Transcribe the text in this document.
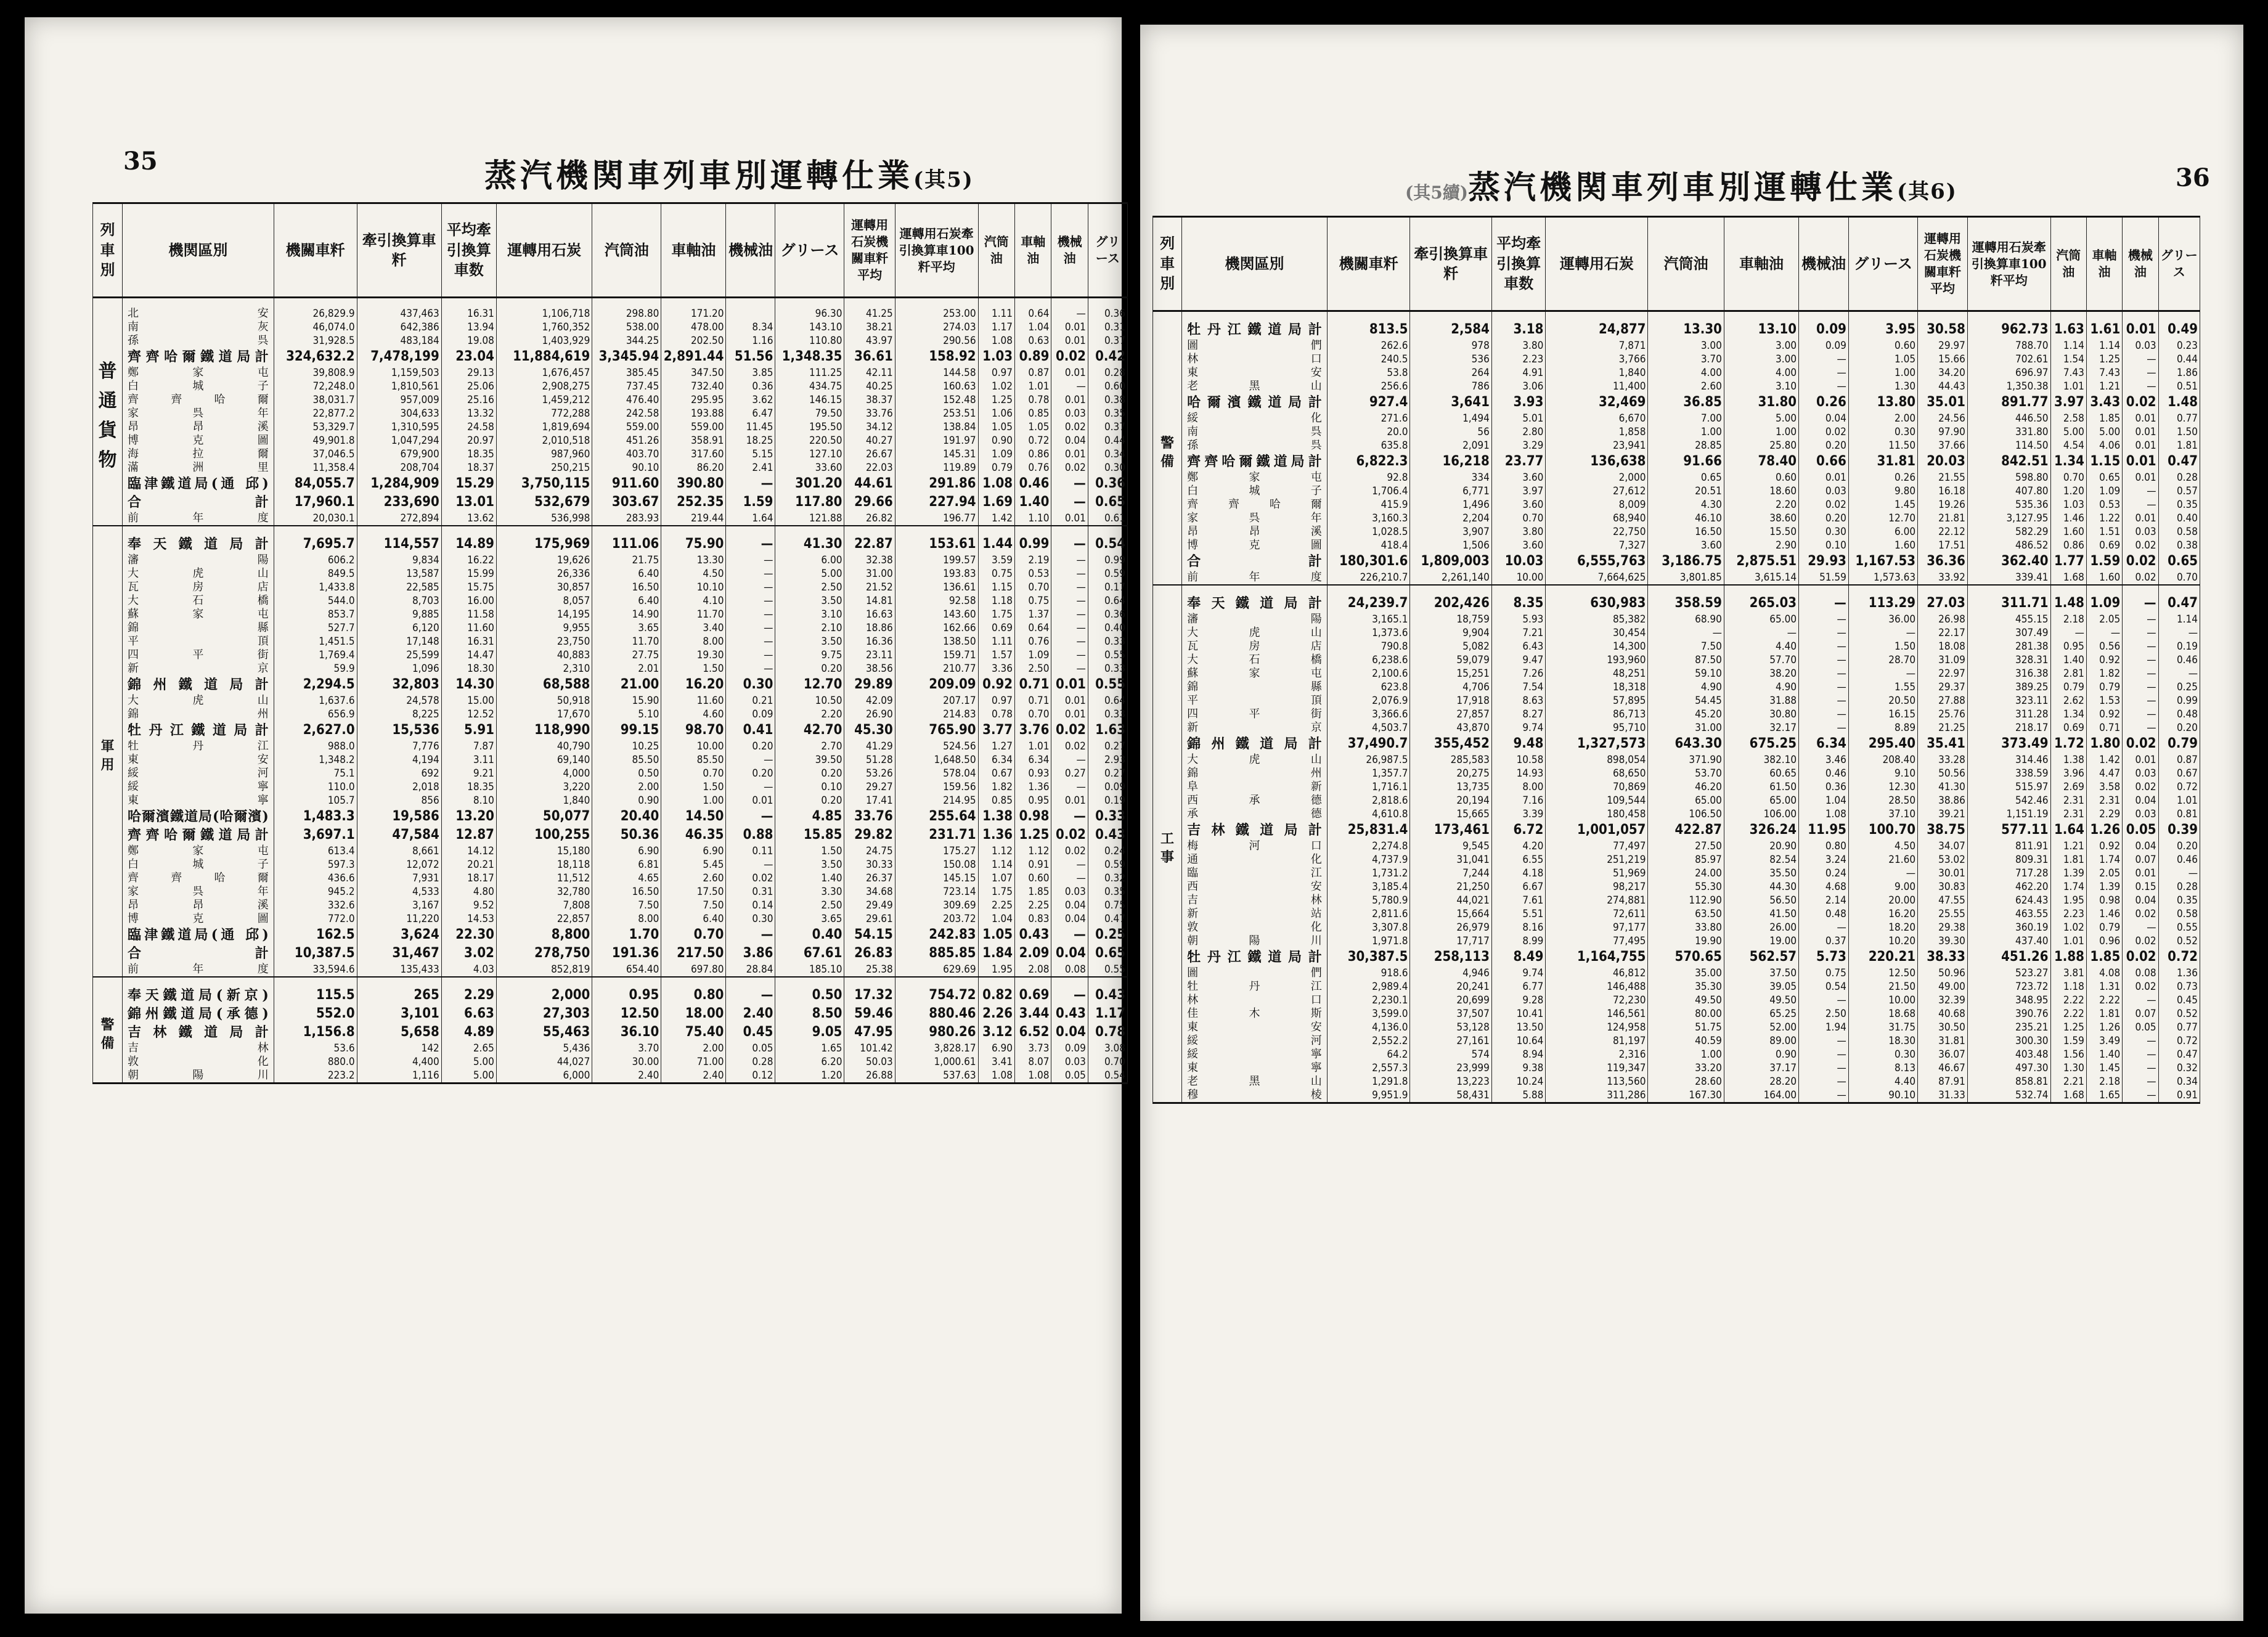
35
　　	蒸汽機関車列車別運轉仕業(其5)
列車別	機関區別	機關車粁	牽引換算車粁	平均牽引換算車数	運轉用石炭	汽筒油	車軸油	機械油	グリース	運轉用石炭機關車粁平均	運轉用石炭牽引換算車100粁平均	汽筒油	車軸油	機械油	グリース

普通貨物	北安	26,829.9	437,463	16.31	1,106,718	298.80	171.20		96.30	41.25	253.00	1.11	0.64	—	0.36
	南灰	46,074.0	642,386	13.94	1,760,352	538.00	478.00	8.34	143.10	38.21	274.03	1.17	1.04	0.01	0.31
	孫呉	31,928.5	483,184	19.08	1,403,929	344.25	202.50	1.16	110.80	43.97	290.56	1.08	0.63	0.01	0.37
	齊齊哈爾鐵道局計	324,632.2	7,478,199	23.04	11,884,619	3,345.94	2,891.44	51.56	1,348.35	36.61	158.92	1.03	0.89	0.02	0.42
	鄭家屯	39,808.9	1,159,503	29.13	1,676,457	385.45	347.50	3.85	111.25	42.11	144.58	0.97	0.87	0.01	0.28
	白城子	72,248.0	1,810,561	25.06	2,908,275	737.45	732.40	0.36	434.75	40.25	160.63	1.02	1.01	—	0.60
	齊齊哈爾	38,031.7	957,009	25.16	1,459,212	476.40	295.95	3.62	146.15	38.37	152.48	1.25	0.78	0.01	0.38
	家呉年	22,877.2	304,633	13.32	772,288	242.58	193.88	6.47	79.50	33.76	253.51	1.06	0.85	0.03	0.35
	昂昂溪	53,329.7	1,310,595	24.58	1,819,694	559.00	559.00	11.45	195.50	34.12	138.84	1.05	1.05	0.02	0.37
	博克圖	49,901.8	1,047,294	20.97	2,010,518	451.26	358.91	18.25	220.50	40.27	191.97	0.90	0.72	0.04	0.44
	海拉爾	37,046.5	679,900	18.35	987,960	403.70	317.60	5.15	127.10	26.67	145.31	1.09	0.86	0.01	0.34
	滿洲里	11,358.4	208,704	18.37	250,215	90.10	86.20	2.41	33.60	22.03	119.89	0.79	0.76	0.02	0.30
	臨津鐵道局(通 邱)	84,055.7	1,284,909	15.29	3,750,115	911.60	390.80	—	301.20	44.61	291.86	1.08	0.46	—	0.36
	合計	17,960.1	233,690	13.01	532,679	303.67	252.35	1.59	117.80	29.66	227.94	1.69	1.40	—	0.65
	前年度	20,030.1	272,894	13.62	536,998	283.93	219.44	1.64	121.88	26.82	196.77	1.42	1.10	0.01	0.61

軍用	奉天鐵道局計	7,695.7	114,557	14.89	175,969	111.06	75.90	—	41.30	22.87	153.61	1.44	0.99	—	0.54
	瀋陽	606.2	9,834	16.22	19,626	21.75	13.30	—	6.00	32.38	199.57	3.59	2.19	—	0.99
	大虎山	849.5	13,587	15.99	26,336	6.40	4.50	—	5.00	31.00	193.83	0.75	0.53	—	0.59
	瓦房店	1,433.8	22,585	15.75	30,857	16.50	10.10	—	2.50	21.52	136.61	1.15	0.70	—	0.17
	大石橋	544.0	8,703	16.00	8,057	6.40	4.10	—	3.50	14.81	92.58	1.18	0.75	—	0.64
	蘇家屯	853.7	9,885	11.58	14,195	14.90	11.70	—	3.10	16.63	143.60	1.75	1.37	—	0.36
	錦縣	527.7	6,120	11.60	9,955	3.65	3.40	—	2.10	18.86	162.66	0.69	0.64	—	0.40
	平頂	1,451.5	17,148	16.31	23,750	11.70	8.00	—	3.50	16.36	138.50	1.11	0.76	—	0.33
	四平街	1,769.4	25,599	14.47	40,883	27.75	19.30	—	9.75	23.11	159.71	1.57	1.09	—	0.55
	新京	59.9	1,096	18.30	2,310	2.01	1.50	—	0.20	38.56	210.77	3.36	2.50	—	0.33
	錦州鐵道局計	2,294.5	32,803	14.30	68,588	21.00	16.20	0.30	12.70	29.89	209.09	0.92	0.71	0.01	0.55
	大虎山	1,637.6	24,578	15.00	50,918	15.90	11.60	0.21	10.50	42.09	207.17	0.97	0.71	0.01	0.64
	錦州	656.9	8,225	12.52	17,670	5.10	4.60	0.09	2.20	26.90	214.83	0.78	0.70	0.01	0.33
	牡丹江鐵道局計	2,627.0	15,536	5.91	118,990	99.15	98.70	0.41	42.70	45.30	765.90	3.77	3.76	0.02	1.63
	牡丹江	988.0	7,776	7.87	40,790	10.25	10.00	0.20	2.70	41.29	524.56	1.27	1.01	0.02	0.27
	東安	1,348.2	4,194	3.11	69,140	85.50	85.50	—	39.50	51.28	1,648.50	6.34	6.34	—	2.93
	綏河	75.1	692	9.21	4,000	0.50	0.70	0.20	0.20	53.26	578.04	0.67	0.93	0.27	0.27
	綏寧	110.0	2,018	18.35	3,220	2.00	1.50	—	0.10	29.27	159.56	1.82	1.36	—	0.09
	東寧	105.7	856	8.10	1,840	0.90	1.00	0.01	0.20	17.41	214.95	0.85	0.95	0.01	0.19
	哈爾濱鐵道局(哈爾濱)	1,483.3	19,586	13.20	50,077	20.40	14.50	—	4.85	33.76	255.64	1.38	0.98	—	0.33
	齊齊哈爾鐵道局計	3,697.1	47,584	12.87	100,255	50.36	46.35	0.88	15.85	29.82	231.71	1.36	1.25	0.02	0.43
	鄭家屯	613.4	8,661	14.12	15,180	6.90	6.90	0.11	1.50	24.75	175.27	1.12	1.12	0.02	0.24
	白城子	597.3	12,072	20.21	18,118	6.81	5.45	—	3.50	30.33	150.08	1.14	0.91	—	0.59
	齊齊哈爾	436.6	7,931	18.17	11,512	4.65	2.60	0.02	1.40	26.37	145.15	1.07	0.60	—	0.32
	家呉年	945.2	4,533	4.80	32,780	16.50	17.50	0.31	3.30	34.68	723.14	1.75	1.85	0.03	0.35
	昂昂溪	332.6	3,167	9.52	7,808	7.50	7.50	0.14	2.50	29.49	309.69	2.25	2.25	0.04	0.75
	博克圖	772.0	11,220	14.53	22,857	8.00	6.40	0.30	3.65	29.61	203.72	1.04	0.83	0.04	0.47
	臨津鐵道局(通 邱)	162.5	3,624	22.30	8,800	1.70	0.70	—	0.40	54.15	242.83	1.05	0.43	—	0.25
	合計	10,387.5	31,467	3.02	278,750	191.36	217.50	3.86	67.61	26.83	885.85	1.84	2.09	0.04	0.65
	前年度	33,594.6	135,433	4.03	852,819	654.40	697.80	28.84	185.10	25.38	629.69	1.95	2.08	0.08	0.55

警備	奉天鐵道局(新京)	115.5	265	2.29	2,000	0.95	0.80	—	0.50	17.32	754.72	0.82	0.69	—	0.43
	錦州鐵道局(承德)	552.0	3,101	6.63	27,303	12.50	18.00	2.40	8.50	59.46	880.46	2.26	3.44	0.43	1.17
	吉林鐵道局計	1,156.8	5,658	4.89	55,463	36.10	75.40	0.45	9.05	47.95	980.26	3.12	6.52	0.04	0.78
	吉林	53.6	142	2.65	5,436	3.70	2.00	0.05	1.65	101.42	3,828.17	6.90	3.73	0.09	3.08
	敦化	880.0	4,400	5.00	44,027	30.00	71.00	0.28	6.20	50.03	1,000.61	3.41	8.07	0.03	0.70
	朝陽川	223.2	1,116	5.00	6,000	2.40	2.40	0.12	1.20	26.88	537.63	1.08	1.08	0.05	0.54
36
(其5續)蒸汽機関車列車別運轉仕業(其6)
列車別	機関區別	機關車粁	牽引換算車粁	平均牽引換算車数	運轉用石炭	汽筒油	車軸油	機械油	グリース	運轉用石炭機關車粁平均	運轉用石炭牽引換算車100粁平均	汽筒油	車軸油	機械油	グリース

警備	牡丹江鐵道局計	813.5	2,584	3.18	24,877	13.30	13.10	0.09	3.95	30.58	962.73	1.63	1.61	0.01	0.49
	圖們	262.6	978	3.80	7,871	3.00	3.00	0.09	0.60	29.97	788.70	1.14	1.14	0.03	0.23
	林口	240.5	536	2.23	3,766	3.70	3.00	—	1.05	15.66	702.61	1.54	1.25	—	0.44
	東安	53.8	264	4.91	1,840	4.00	4.00	—	1.00	34.20	696.97	7.43	7.43	—	1.86
	老黑山	256.6	786	3.06	11,400	2.60	3.10	—	1.30	44.43	1,350.38	1.01	1.21	—	0.51
	哈爾濱鐵道局計	927.4	3,641	3.93	32,469	36.85	31.80	0.26	13.80	35.01	891.77	3.97	3.43	0.02	1.48
	綏化	271.6	1,494	5.01	6,670	7.00	5.00	0.04	2.00	24.56	446.50	2.58	1.85	0.01	0.77
	南呉	20.0	56	2.80	1,858	1.00	1.00	0.02	0.30	97.90	331.80	5.00	5.00	0.01	1.50
	孫呉	635.8	2,091	3.29	23,941	28.85	25.80	0.20	11.50	37.66	114.50	4.54	4.06	0.01	1.81
	齊齊哈爾鐵道局計	6,822.3	16,218	23.77	136,638	91.66	78.40	0.66	31.81	20.03	842.51	1.34	1.15	0.01	0.47
	鄭家屯	92.8	334	3.60	2,000	0.65	0.60	0.01	0.26	21.55	598.80	0.70	0.65	0.01	0.28
	白城子	1,706.4	6,771	3.97	27,612	20.51	18.60	0.03	9.80	16.18	407.80	1.20	1.09	—	0.57
	齊齊哈爾	415.9	1,496	3.60	8,009	4.30	2.20	0.02	1.45	19.26	535.36	1.03	0.53	—	0.35
	家呉年	3,160.3	2,204	0.70	68,940	46.10	38.60	0.20	12.70	21.81	3,127.95	1.46	1.22	0.01	0.40
	昂昂溪	1,028.5	3,907	3.80	22,750	16.50	15.50	0.30	6.00	22.12	582.29	1.60	1.51	0.03	0.58
	博克圖	418.4	1,506	3.60	7,327	3.60	2.90	0.10	1.60	17.51	486.52	0.86	0.69	0.02	0.38
	合計	180,301.6	1,809,003	10.03	6,555,763	3,186.75	2,875.51	29.93	1,167.53	36.36	362.40	1.77	1.59	0.02	0.65
	前年度	226,210.7	2,261,140	10.00	7,664,625	3,801.85	3,615.14	51.59	1,573.63	33.92	339.41	1.68	1.60	0.02	0.70

工事	奉天鐵道局計	24,239.7	202,426	8.35	630,983	358.59	265.03	—	113.29	27.03	311.71	1.48	1.09	—	0.47
	瀋陽	3,165.1	18,759	5.93	85,382	68.90	65.00	—	36.00	26.98	455.15	2.18	2.05	—	1.14
	大虎山	1,373.6	9,904	7.21	30,454	—	—	—	—	22.17	307.49	—	—	—	—
	瓦房店	790.8	5,082	6.43	14,300	7.50	4.40	—	1.50	18.08	281.38	0.95	0.56	—	0.19
	大石橋	6,238.6	59,079	9.47	193,960	87.50	57.70	—	28.70	31.09	328.31	1.40	0.92	—	0.46
	蘇家屯	2,100.6	15,251	7.26	48,251	59.10	38.20	—	—	22.97	316.38	2.81	1.82	—	—
	錦縣	623.8	4,706	7.54	18,318	4.90	4.90	—	1.55	29.37	389.25	0.79	0.79	—	0.25
	平頂	2,076.9	17,918	8.63	57,895	54.45	31.88	—	20.50	27.88	323.11	2.62	1.53	—	0.99
	四平街	3,366.6	27,857	8.27	86,713	45.20	30.80	—	16.15	25.76	311.28	1.34	0.92	—	0.48
	新京	4,503.7	43,870	9.74	95,710	31.00	32.17	—	8.89	21.25	218.17	0.69	0.71	—	0.20
	錦州鐵道局計	37,490.7	355,452	9.48	1,327,573	643.30	675.25	6.34	295.40	35.41	373.49	1.72	1.80	0.02	0.79
	大虎山	26,987.5	285,583	10.58	898,054	371.90	382.10	3.46	208.40	33.28	314.46	1.38	1.42	0.01	0.87
	錦州	1,357.7	20,275	14.93	68,650	53.70	60.65	0.46	9.10	50.56	338.59	3.96	4.47	0.03	0.67
	阜新	1,716.1	13,735	8.00	70,869	46.20	61.50	0.36	12.30	41.30	515.97	2.69	3.58	0.02	0.72
	西承德	2,818.6	20,194	7.16	109,544	65.00	65.00	1.04	28.50	38.86	542.46	2.31	2.31	0.04	1.01
	承德	4,610.8	15,665	3.39	180,458	106.50	106.00	1.08	37.10	39.21	1,151.19	2.31	2.29	0.03	0.81
	吉林鐵道局計	25,831.4	173,461	6.72	1,001,057	422.87	326.24	11.95	100.70	38.75	577.11	1.64	1.26	0.05	0.39
	梅河口	2,274.8	9,545	4.20	77,497	27.50	20.90	0.80	4.50	34.07	811.91	1.21	0.92	0.04	0.20
	通化	4,737.9	31,041	6.55	251,219	85.97	82.54	3.24	21.60	53.02	809.31	1.81	1.74	0.07	0.46
	臨江	1,731.2	7,244	4.18	51,969	24.00	35.50	0.24	—	30.01	717.28	1.39	2.05	0.01	—
	西安	3,185.4	21,250	6.67	98,217	55.30	44.30	4.68	9.00	30.83	462.20	1.74	1.39	0.15	0.28
	吉林	5,780.9	44,021	7.61	274,881	112.90	56.50	2.14	20.00	47.55	624.43	1.95	0.98	0.04	0.35
	新站	2,811.6	15,664	5.51	72,611	63.50	41.50	0.48	16.20	25.55	463.55	2.23	1.46	0.02	0.58
	敦化	3,307.8	26,979	8.16	97,177	33.80	26.00	—	18.20	29.38	360.19	1.02	0.79	—	0.55
	朝陽川	1,971.8	17,717	8.99	77,495	19.90	19.00	0.37	10.20	39.30	437.40	1.01	0.96	0.02	0.52
	牡丹江鐵道局計	30,387.5	258,113	8.49	1,164,755	570.65	562.57	5.73	220.21	38.33	451.26	1.88	1.85	0.02	0.72
	圖們	918.6	4,946	9.74	46,812	35.00	37.50	0.75	12.50	50.96	523.27	3.81	4.08	0.08	1.36
	牡丹江	2,989.4	20,241	6.77	146,488	35.30	39.05	0.54	21.50	49.00	723.72	1.18	1.31	0.02	0.73
	林口	2,230.1	20,699	9.28	72,230	49.50	49.50	—	10.00	32.39	348.95	2.22	2.22	—	0.45
	佳木斯	3,599.0	37,507	10.41	146,561	80.00	65.25	2.50	18.68	40.68	390.76	2.22	1.81	0.07	0.52
	東安	4,136.0	53,128	13.50	124,958	51.75	52.00	1.94	31.75	30.50	235.21	1.25	1.26	0.05	0.77
	綏河	2,552.2	27,161	10.64	81,197	40.59	89.00	—	18.30	31.81	300.30	1.59	3.49	—	0.72
	綏寧	64.2	574	8.94	2,316	1.00	0.90	—	0.30	36.07	403.48	1.56	1.40	—	0.47
	東寧	2,557.3	23,999	9.38	119,347	33.20	37.17	—	8.13	46.67	497.30	1.30	1.45	—	0.32
	老黑山	1,291.8	13,223	10.24	113,560	28.60	28.20	—	4.40	87.91	858.81	2.21	2.18	—	0.34
	穆棱	9,951.9	58,431	5.88	311,286	167.30	164.00	—	90.10	31.33	532.74	1.68	1.65	—	0.91
